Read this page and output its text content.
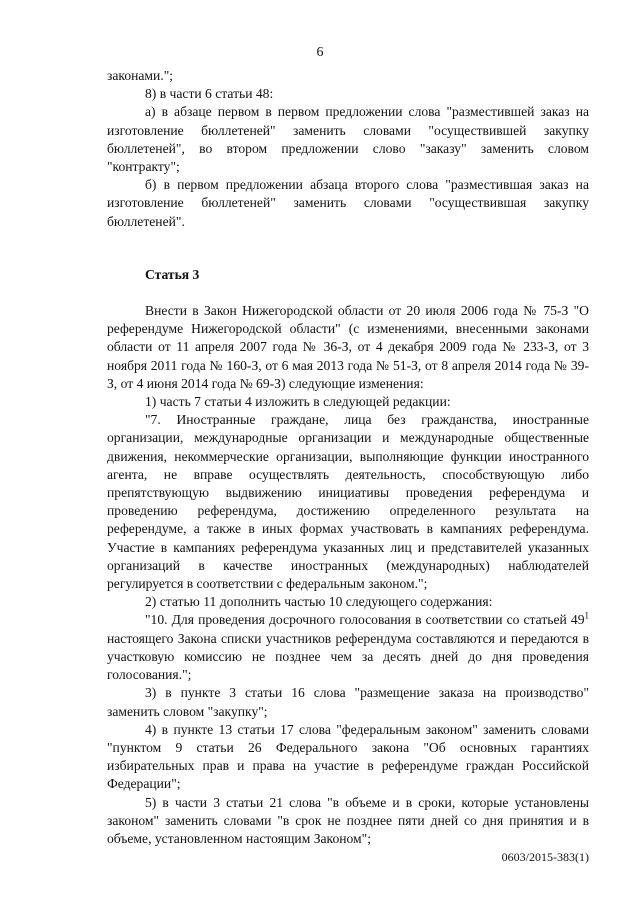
6

законами.";

8) в части 6 статьи 48:

а) в абзаце первом в первом предложении слова "разместившей заказ на изготовление бюллетеней" заменить словами "осуществившей закупку бюллетеней", во втором предложении слово "заказу" заменить словом "контракту";

б) в первом предложении абзаца второго слова "разместившая заказ на изготовление бюллетеней" заменить словами "осуществившая закупку бюллетеней".

Статья 3

Внести в Закон Нижегородской области от 20 июля 2006 года № 75-З "О референдуме Нижегородской области" (с изменениями, внесенными законами области от 11 апреля 2007 года № 36-З, от 4 декабря 2009 года № 233-З, от 3 ноября 2011 года № 160-З, от 6 мая 2013 года № 51-З, от 8 апреля 2014 года № 39-З, от 4 июня 2014 года № 69-З) следующие изменения:

1) часть 7 статьи 4 изложить в следующей редакции:

"7. Иностранные граждане, лица без гражданства, иностранные организации, международные организации и международные общественные движения, некоммерческие организации, выполняющие функции иностранного агента, не вправе осуществлять деятельность, способствующую либо препятствующую выдвижению инициативы проведения референдума и проведению референдума, достижению определенного результата на референдуме, а также в иных формах участвовать в кампаниях референдума. Участие в кампаниях референдума указанных лиц и представителей указанных организаций в качестве иностранных (международных) наблюдателей регулируется в соответствии с федеральным законом.";

2) статью 11 дополнить частью 10 следующего содержания:

"10. Для проведения досрочного голосования в соответствии со статьей $49^1$ настоящего Закона списки участников референдума составляются и передаются в участковую комиссию не позднее чем за десять дней до дня проведения голосования.";

3) в пункте 3 статьи 16 слова "размещение заказа на производство" заменить словом "закупку";

4) в пункте 13 статьи 17 слова "федеральным законом" заменить словами "пунктом 9 статьи 26 Федерального закона "Об основных гарантиях избирательных прав и права на участие в референдуме граждан Российской Федерации";

5) в части 3 статьи 21 слова "в объеме и в сроки, которые установлены законом" заменить словами "в срок не позднее пяти дней со дня принятия и в объеме, установленном настоящим Законом";

0603/2015-383(1)
